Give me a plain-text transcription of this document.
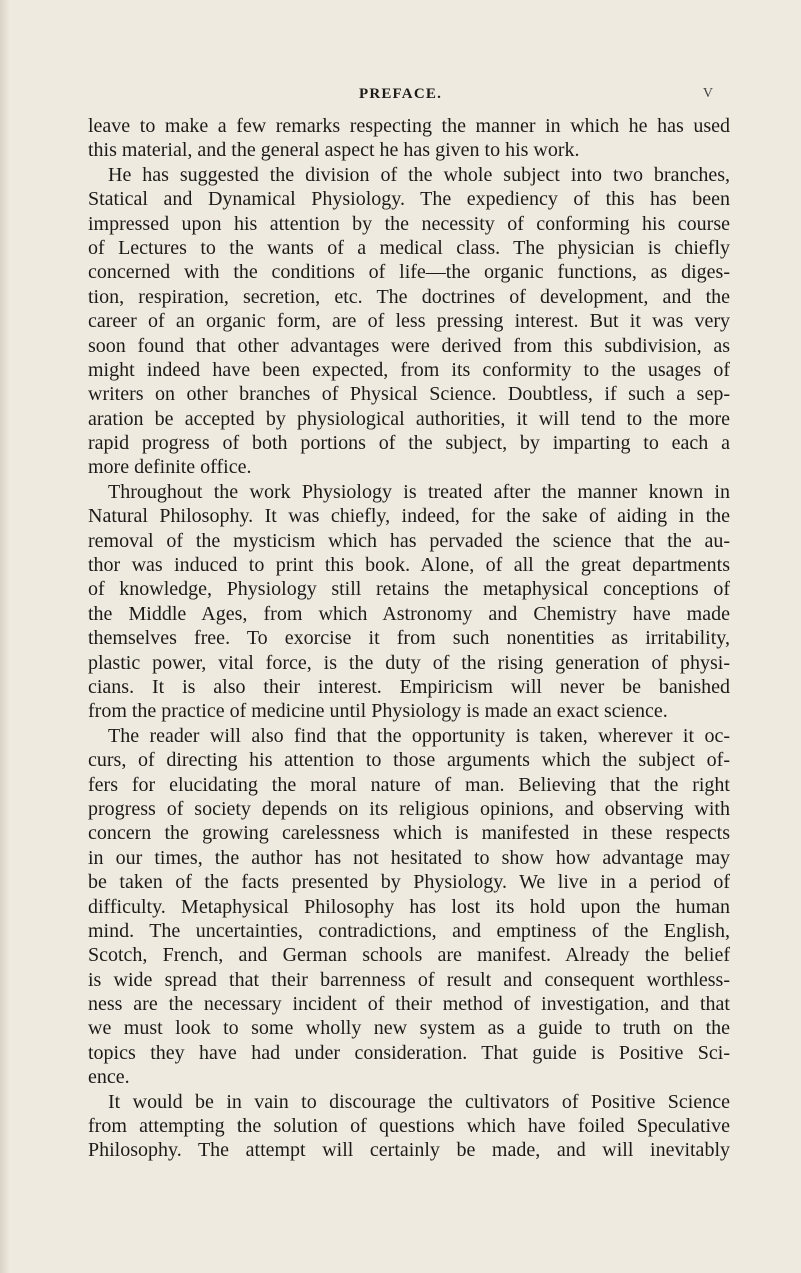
PREFACE.	V
leave to make a few remarks respecting the manner in which he has used
this material, and the general aspect he has given to his work.
He has suggested the division of the whole subject into two branches,
Statical and Dynamical Physiology. The expediency of this has been
impressed upon his attention by the necessity of conforming his course
of Lectures to the wants of a medical class. The physician is chiefly
concerned with the conditions of life—the organic functions, as diges-
tion, respiration, secretion, etc. The doctrines of development, and the
career of an organic form, are of less pressing interest. But it was very
soon found that other advantages were derived from this subdivision, as
might indeed have been expected, from its conformity to the usages of
writers on other branches of Physical Science. Doubtless, if such a sep-
aration be accepted by physiological authorities, it will tend to the more
rapid progress of both portions of the subject, by imparting to each a
more definite office.
Throughout the work Physiology is treated after the manner known in
Natural Philosophy. It was chiefly, indeed, for the sake of aiding in the
removal of the mysticism which has pervaded the science that the au-
thor was induced to print this book. Alone, of all the great departments
of knowledge, Physiology still retains the metaphysical conceptions of
the Middle Ages, from which Astronomy and Chemistry have made
themselves free. To exorcise it from such nonentities as irritability,
plastic power, vital force, is the duty of the rising generation of physi-
cians. It is also their interest. Empiricism will never be banished
from the practice of medicine until Physiology is made an exact science.
The reader will also find that the opportunity is taken, wherever it oc-
curs, of directing his attention to those arguments which the subject of-
fers for elucidating the moral nature of man. Believing that the right
progress of society depends on its religious opinions, and observing with
concern the growing carelessness which is manifested in these respects
in our times, the author has not hesitated to show how advantage may
be taken of the facts presented by Physiology. We live in a period of
difficulty. Metaphysical Philosophy has lost its hold upon the human
mind. The uncertainties, contradictions, and emptiness of the English,
Scotch, French, and German schools are manifest. Already the belief
is wide spread that their barrenness of result and consequent worthless-
ness are the necessary incident of their method of investigation, and that
we must look to some wholly new system as a guide to truth on the
topics they have had under consideration. That guide is Positive Sci-
ence.
It would be in vain to discourage the cultivators of Positive Science
from attempting the solution of questions which have foiled Speculative
Philosophy. The attempt will certainly be made, and will inevitably
